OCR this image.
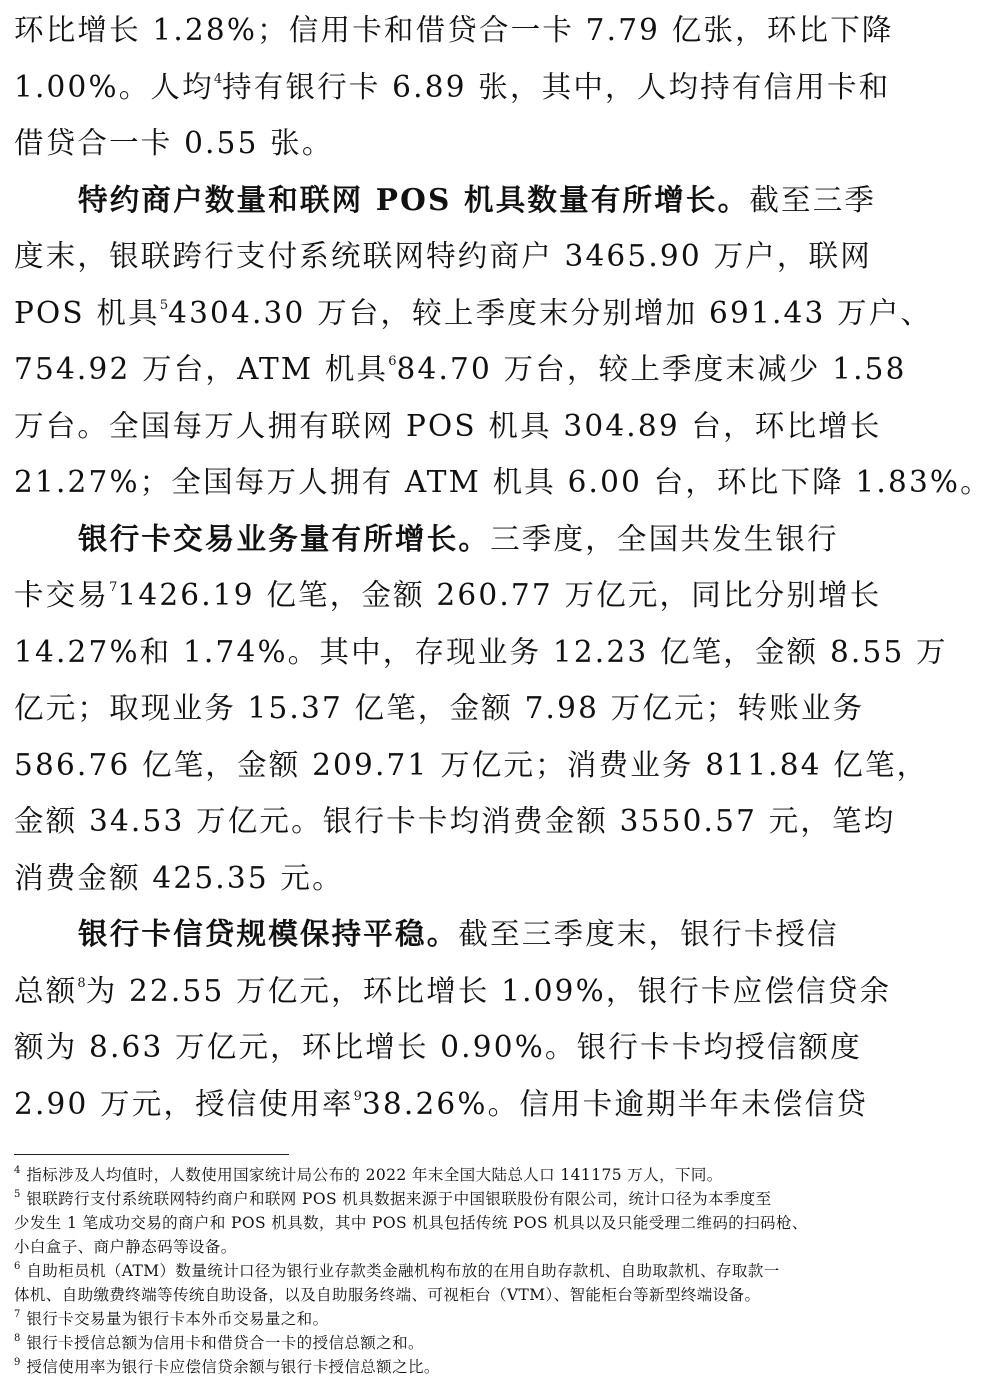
环比增长 1.28%；信用卡和借贷合一卡 7.79 亿张，环比下降
1.00%。人均$^4$持有银行卡 6.89 张，其中，人均持有信用卡和
借贷合一卡 0.55 张。
特约商户数量和联网 POS 机具数量有所增长。截至三季
度末，银联跨行支付系统联网特约商户 3465.90 万户，联网
POS 机具$^5$4304.30 万台，较上季度末分别增加 691.43 万户、
754.92 万台，ATM 机具$^6$84.70 万台，较上季度末减少 1.58
万台。全国每万人拥有联网 POS 机具 304.89 台，环比增长
21.27%；全国每万人拥有 ATM 机具 6.00 台，环比下降 1.83%。
银行卡交易业务量有所增长。三季度，全国共发生银行
卡交易$^7$1426.19 亿笔，金额 260.77 万亿元，同比分别增长
14.27%和 1.74%。其中，存现业务 12.23 亿笔，金额 8.55 万
亿元；取现业务 15.37 亿笔，金额 7.98 万亿元；转账业务
586.76 亿笔，金额 209.71 万亿元；消费业务 811.84 亿笔，
金额 34.53 万亿元。银行卡卡均消费金额 3550.57 元，笔均
消费金额 425.35 元。
银行卡信贷规模保持平稳。截至三季度末，银行卡授信
总额$^8$为 22.55 万亿元，环比增长 1.09%，银行卡应偿信贷余
额为 8.63 万亿元，环比增长 0.90%。银行卡卡均授信额度
2.90 万元，授信使用率$^9$38.26%。信用卡逾期半年未偿信贷
$^4$ 指标涉及人均值时，人数使用国家统计局公布的 2022 年末全国大陆总人口 141175 万人，下同。
$^5$ 银联跨行支付系统联网特约商户和联网 POS 机具数据来源于中国银联股份有限公司，统计口径为本季度至
少发生 1 笔成功交易的商户和 POS 机具数，其中 POS 机具包括传统 POS 机具以及只能受理二维码的扫码枪、
小白盒子、商户静态码等设备。
$^6$ 自助柜员机（ATM）数量统计口径为银行业存款类金融机构布放的在用自助存款机、自助取款机、存取款一
体机、自助缴费终端等传统自助设备，以及自助服务终端、可视柜台（VTM）、智能柜台等新型终端设备。
$^7$ 银行卡交易量为银行卡本外币交易量之和。
$^8$ 银行卡授信总额为信用卡和借贷合一卡的授信总额之和。
$^9$ 授信使用率为银行卡应偿信贷余额与银行卡授信总额之比。
